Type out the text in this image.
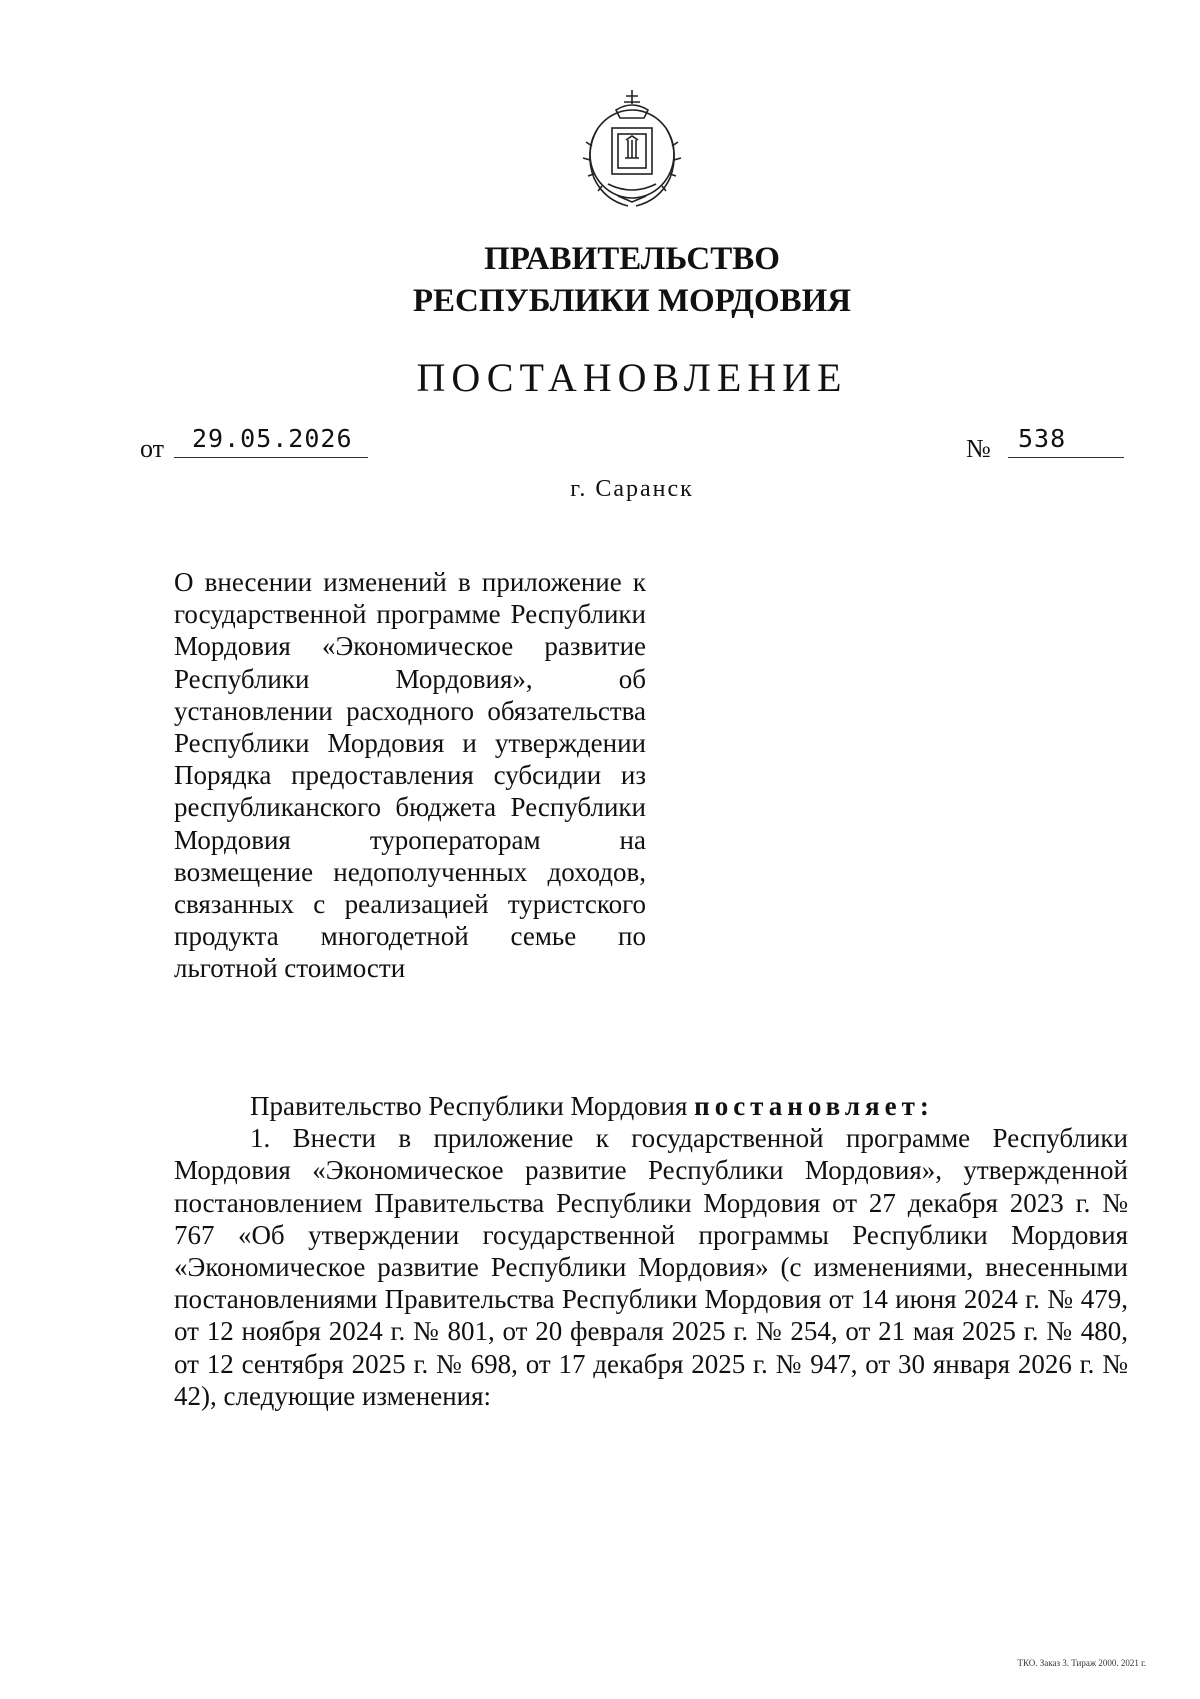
ПРАВИТЕЛЬСТВО
РЕСПУБЛИКИ МОРДОВИЯ
ПОСТАНОВЛЕНИЕ
от	29.05.2026	№	538
г. Саранск
О внесении изменений в приложение к государственной программе Республики Мордовия «Экономическое развитие Республики Мордовия», об установлении расходного обязательства Республики Мордовия и утверждении Порядка предоставления субсидии из республиканского бюджета Республики Мордовия туроператорам на возмещение недополученных доходов, связанных с реализацией туристского продукта многодетной семье по льготной стоимости

Правительство Республики Мордовия постановляет:

1. Внести в приложение к государственной программе Республики Мордовия «Экономическое развитие Республики Мордовия», утвержденной постановлением Правительства Республики Мордовия от 27 декабря 2023 г. № 767 «Об утверждении государственной программы Республики Мордовия «Экономическое развитие Республики Мордовия» (с изменениями, внесенными постановлениями Правительства Республики Мордовия от 14 июня 2024 г. № 479, от 12 ноября 2024 г. № 801, от 20 февраля 2025 г. № 254, от 21 мая 2025 г. № 480, от 12 сентября 2025 г. № 698, от 17 декабря 2025 г. № 947, от 30 января 2026 г. № 42), следующие изменения:

ТКО. Заказ 3. Тираж 2000. 2021 г.
